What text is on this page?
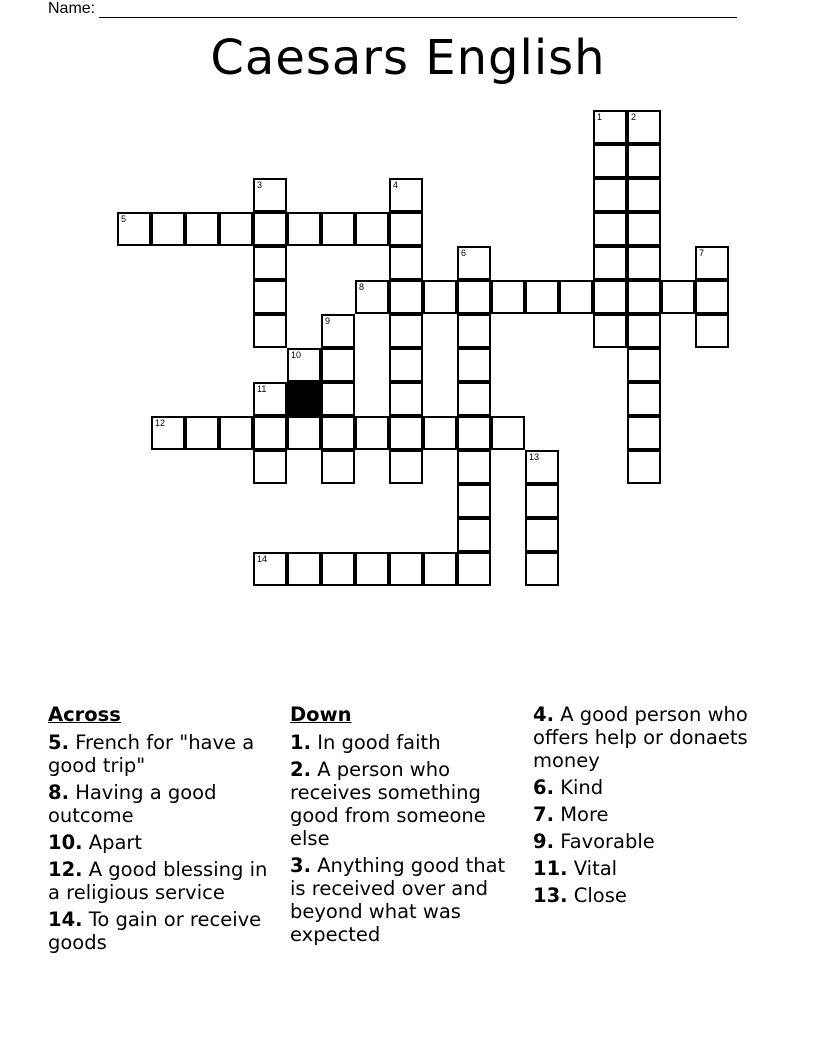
Name:
Caesars English
1	2
3	4
5
6	7
8
9
10
12
13
14
11
Across
5. French for "have a good trip"
8. Having a good outcome
10. Apart
12. A good blessing in a religious service
14. To gain or receive goods
Down
1. In good faith
2. A person who receives something good from someone else
3. Anything good that is received over and beyond what was expected
4. A good person who offers help or donaets money
6. Kind
7. More
9. Favorable
11. Vital
13. Close
